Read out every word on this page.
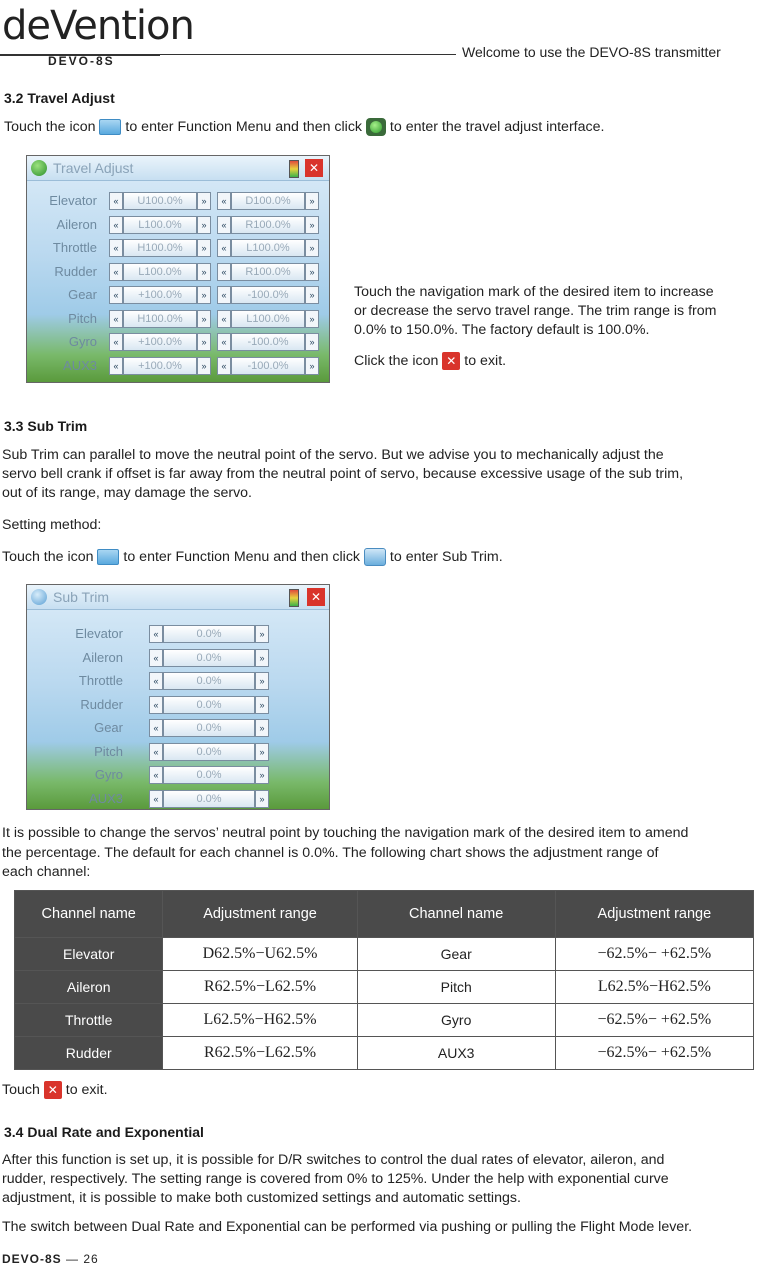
deVention
DEVO-8S
Welcome to use the DEVO-8S transmitter
3.2 Travel Adjust
Touch the icon to enter Function Menu and then click to enter the travel adjust interface.
Travel Adjust	✕
Elevator	«	U100.0%	»	«	D100.0%	»
Aileron	«	L100.0%	»	«	R100.0%	»
Throttle	«	H100.0%	»	«	L100.0%	»
Rudder	«	L100.0%	»	«	R100.0%	»
Gear	«	+100.0%	»	«	-100.0%	»
Pitch	«	H100.0%	»	«	L100.0%	»
Gyro	«	+100.0%	»	«	-100.0%	»
AUX3	«	+100.0%	»	«	-100.0%	»
Touch the navigation mark of the desired item to increase
or decrease the servo travel range. The trim range is from
0.0% to 150.0%. The factory default is 100.0%.
Click the icon ✕ to exit.
3.3 Sub Trim
Sub Trim can parallel to move the neutral point of the servo. But we advise you to mechanically adjust the
servo bell crank if offset is far away from the neutral point of servo, because excessive usage of the sub trim,
out of its range, may damage the servo.
Setting method:
Touch the icon to enter Function Menu and then click to enter Sub Trim.
Sub Trim	✕
Elevator	«	0.0%	»
Aileron	«	0.0%	»
Throttle	«	0.0%	»
Rudder	«	0.0%	»
Gear	«	0.0%	»
Pitch	«	0.0%	»
Gyro	«	0.0%	»
AUX3	«	0.0%	»
It is possible to change the servos’ neutral point by touching the navigation mark of the desired item to amend
the percentage. The default for each channel is 0.0%. The following chart shows the adjustment range of
each channel:
Channel name	Adjustment range	Channel name	Adjustment range
Elevator	D62.5%−U62.5%	Gear	−62.5%− +62.5%
Aileron	R62.5%−L62.5%	Pitch	L62.5%−H62.5%
Throttle	L62.5%−H62.5%	Gyro	−62.5%− +62.5%
Rudder	R62.5%−L62.5%	AUX3	−62.5%− +62.5%
Touch ✕ to exit.
3.4 Dual Rate and Exponential
After this function is set up, it is possible for D/R switches to control the dual rates of elevator, aileron, and
rudder, respectively. The setting range is covered from 0% to 125%. Under the help with exponential curve
adjustment, it is possible to make both customized settings and automatic settings.
The switch between Dual Rate and Exponential can be performed via pushing or pulling the Flight Mode lever.
DEVO-8S — 26
